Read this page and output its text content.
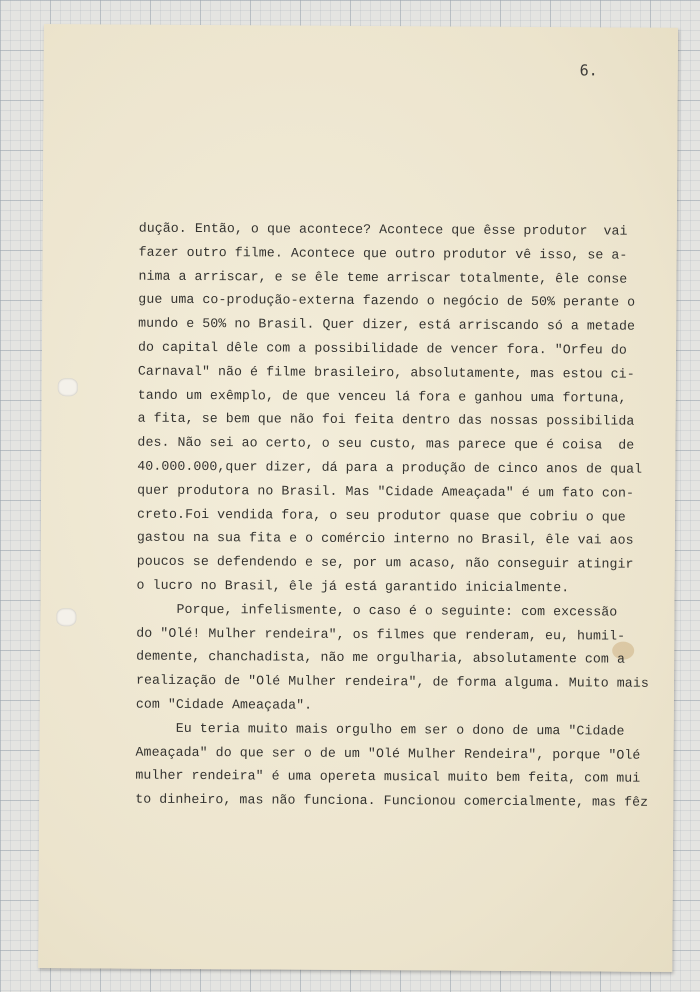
6.
dução. Então, o que acontece? Acontece que êsse produtor  vai
fazer outro filme. Acontece que outro produtor vê isso, se a-
nima a arriscar, e se êle teme arriscar totalmente, êle conse
gue uma co-produção-externa fazendo o negócio de 50% perante o
mundo e 50% no Brasil. Quer dizer, está arriscando só a metade
do capital dêle com a possibilidade de vencer fora. "Orfeu do
Carnaval" não é filme brasileiro, absolutamente, mas estou ci-
tando um exêmplo, de que venceu lá fora e ganhou uma fortuna,
a fita, se bem que não foi feita dentro das nossas possibilida
des. Não sei ao certo, o seu custo, mas parece que é coisa  de
40.000.000,quer dizer, dá para a produção de cinco anos de qual
quer produtora no Brasil. Mas "Cidade Ameaçada" é um fato con-
creto.Foi vendida fora, o seu produtor quase que cobriu o que
gastou na sua fita e o comércio interno no Brasil, êle vai aos
poucos se defendendo e se, por um acaso, não conseguir atingir
o lucro no Brasil, êle já está garantido inicialmente.
Porque, infelismente, o caso é o seguinte: com excessão
do "Olé! Mulher rendeira", os filmes que renderam, eu, humil-
dementе, chanchadista, não me orgulharia, absolutamente com a
realização de "Olé Mulher rendeira", de forma alguma. Muito mais
com "Cidade Ameaçada".
Eu teria muito mais orgulho em ser o dono de uma "Cidade
Ameaçada" do que ser o de um "Olé Mulher Rendeira", porque "Olé
mulher rendeira" é uma opereta musical muito bem feita, com mui
to dinheiro, mas não funciona. Funcionou comercialmente, mas fêz
